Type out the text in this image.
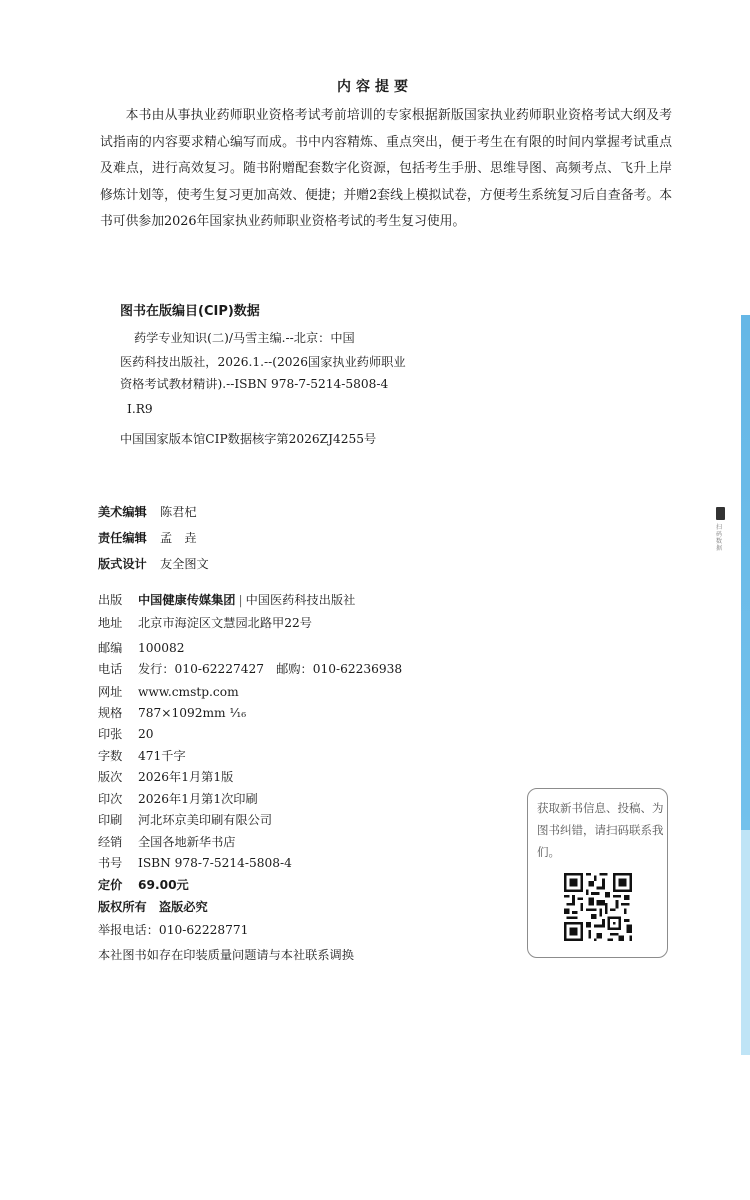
内容提要

本书由从事执业药师职业资格考试考前培训的专家根据新版国家执业药师职业资格考试大纲及考试指南的内容要求精心编写而成。书中内容精炼、重点突出，便于考生在有限的时间内掌握考试重点及难点，进行高效复习。随书附赠配套数字化资源，包括考生手册、思维导图、高频考点、飞升上岸修炼计划等，使考生复习更加高效、便捷；并赠2套线上模拟试卷，方便考生系统复习后自查备考。本书可供参加2026年国家执业药师职业资格考试的考生复习使用。

图书在版编目(CIP)数据
药学专业知识(二)/马雪主编.--北京：中国
医药科技出版社，2026.1.--(2026国家执业药师职业
资格考试教材精讲).--ISBN 978-7-5214-5808-4
Ⅰ.R9
中国国家版本馆CIP数据核字第2026ZJ4255号
美术编辑 陈君杞
责任编辑 孟　垚
版式设计 友全图文
出版 中国健康传媒集团 | 中国医药科技出版社
地址 北京市海淀区文慧园北路甲22号
邮编 100082
电话 发行：010-62227427　邮购：010-62236938
网址 www.cmstp.com
规格 787×1092mm ¹⁄₁₆
印张 20
字数 471千字
版次 2026年1月第1版
印次 2026年1月第1次印刷
印刷 河北环京美印刷有限公司
经销 全国各地新华书店
书号 ISBN 978-7-5214-5808-4
定价 69.00元
版权所有　盗版必究
举报电话：010-62228771
本社图书如存在印装质量问题请与本社联系调换
获取新书信息、投稿、为图书纠错，请扫码联系我们。
扫码 数据
